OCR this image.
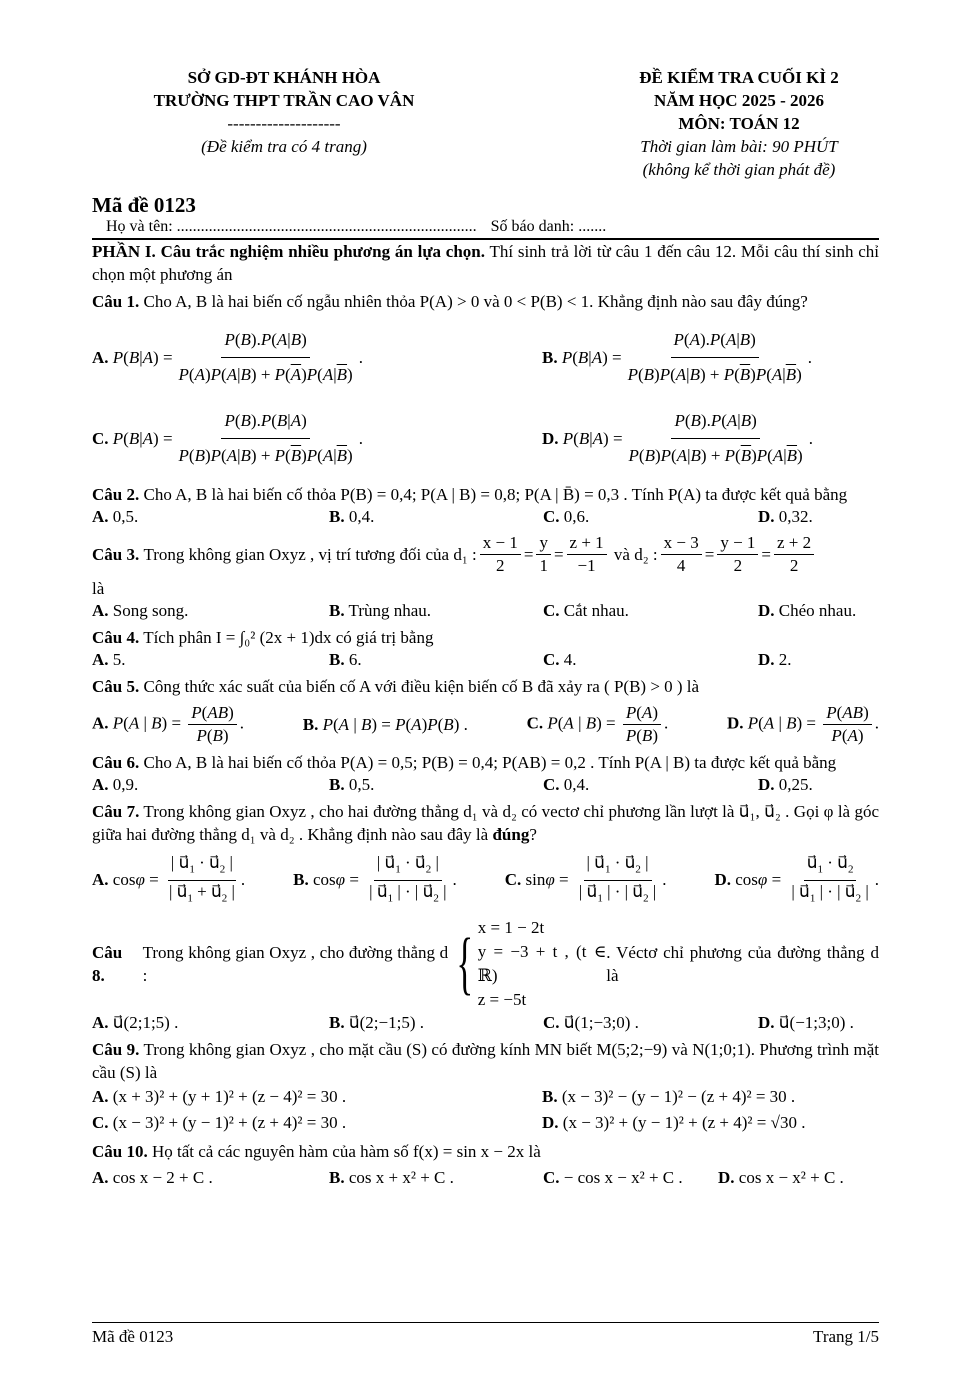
SỞ GD-ĐT KHÁNH HÒA
TRƯỜNG THPT TRẦN CAO VÂN
--------------------
(Đề kiểm tra có 4 trang)
ĐỀ KIỂM TRA CUỐI KÌ 2
NĂM HỌC 2025 - 2026
MÔN: TOÁN 12
Thời gian làm bài: 90 PHÚT
(không kể thời gian phát đề)
Mã đề 0123
Họ và tên: ........................................................................... Số báo danh: .......

PHẦN I. Câu trắc nghiệm nhiều phương án lựa chọn. Thí sinh trả lời từ câu 1 đến câu 12. Mỗi câu thí sinh chỉ chọn một phương án

Câu 1. Cho A, B là hai biến cố ngẫu nhiên thỏa P(A) > 0 và 0 < P(B) < 1. Khẳng định nào sau đây đúng?

A.
P ( B | A ) = $\frac{P(B).P(A|B)}{P(A)P(A|B) + P(\overline{A})P(A|\overline{B})}$ .	B.
P ( B | A ) = $\frac{P(A).P(A|B)}{P(B)P(A|B) + P(\overline{B})P(A|\overline{B})}$ .
C.
P ( B | A ) = $\frac{P(B).P(B|A)}{P(B)P(A|B) + P(\overline{B})P(A|\overline{B})}$ .	D.
P ( B | A ) = $\frac{P(B).P(A|B)}{P(B)P(A|B) + P(\overline{B})P(A|\overline{B})}$ .

Câu 2. Cho A, B là hai biến cố thỏa P(B) = 0,4; P(A | B) = 0,8; P(A | B̄) = 0,3 . Tính P(A) ta được kết quả bằng

A. 0,5.	B. 0,4.	C. 0,6.	D. 0,32.

Câu 3.
Trong không gian Oxyz , vị trí tương đối của d₁ : $\frac{x - 1}{2} = \frac{y}{1} = \frac{z + 1}{-1}$
và d₂ : $\frac{x - 3}{4} = \frac{y - 1}{2} = \frac{z + 2}{2}$

là

A. Song song.	B. Trùng nhau.	C. Cắt nhau.	D. Chéo nhau.

Câu 4. Tích phân I = ∫₀² (2x + 1)dx có giá trị bằng

A. 5.	B. 6.	C. 4.	D. 2.

Câu 5. Công thức xác suất của biến cố A với điều kiện biến cố B đã xảy ra ( P(B) > 0 ) là

A. P(A | $B) = \frac{P(AB)}{P(B)}$ .	B. P(A | B) = P(A)P(B) .	C. P(A | $B) = \frac{P(A)}{P(B)}$ .	D. P(A | $B) = \frac{P(AB)}{P(A)}$ .

Câu 6. Cho A, B là hai biến cố thỏa P(A) = 0,5; P(B) = 0,4; P(AB) = 0,2 . Tính P(A | B) ta được kết quả bằng

A. 0,9.	B. 0,5.	C. 0,4.	D. 0,25.

Câu 7. Trong không gian Oxyz , cho hai đường thẳng d₁ và d₂ có vectơ chỉ phương lần lượt là u⃗₁, u⃗₂ . Gọi φ là góc giữa hai đường thẳng d₁ và d₂ . Khẳng định nào sau đây là đúng?

A. $\cos\varphi = \frac{| u⃗_1 \cdot u⃗_2 |}{| u⃗_1 + u⃗_2 |}$ .	B. $\cos\varphi = \frac{| u⃗_1 \cdot u⃗_2 |}{| u⃗_1 | \cdot | u⃗_2 |}$ .	C. $\sin\varphi = \frac{| u⃗_1 \cdot u⃗_2 |}{| u⃗_1 | \cdot | u⃗_2 |}$ .	D. $\cos\varphi = \frac{u⃗_1 \cdot u⃗_2}{| u⃗_1 | \cdot | u⃗_2 |}$ .

Câu 8.

Trong không gian Oxyz , cho đường thẳng d :	{ x = 1 − 2t
y = −3 + t , (t ∈ ℝ)
z = −5t
. Véctơ chỉ phương của đường thẳng d là

A. u⃗(2;1;5) .	B. u⃗(2;−1;5) .	C. u⃗(1;−3;0) .	D. u⃗(−1;3;0) .

Câu 9. Trong không gian Oxyz , cho mặt cầu (S) có đường kính MN biết M(5;2;−9) và N(1;0;1). Phương trình mặt cầu (S) là

A. (x + 3)² + (y + 1)² + (z − 4)² = 30 .	B. (x − 3)² − (y − 1)² − (z + 4)² = 30 .
C. (x − 3)² + (y − 1)² + (z + 4)² = 30 .	D. (x − 3)² + (y − 1)² + (z + 4)² = √30 .

Câu 10. Họ tất cả các nguyên hàm của hàm số f(x) = sin x − 2x là

A. cos x − 2 + C .	B. cos x + x² + C .	C. − cos x − x² + C .	D. cos x − x² + C .
Mã đề 0123	Trang 1/5
